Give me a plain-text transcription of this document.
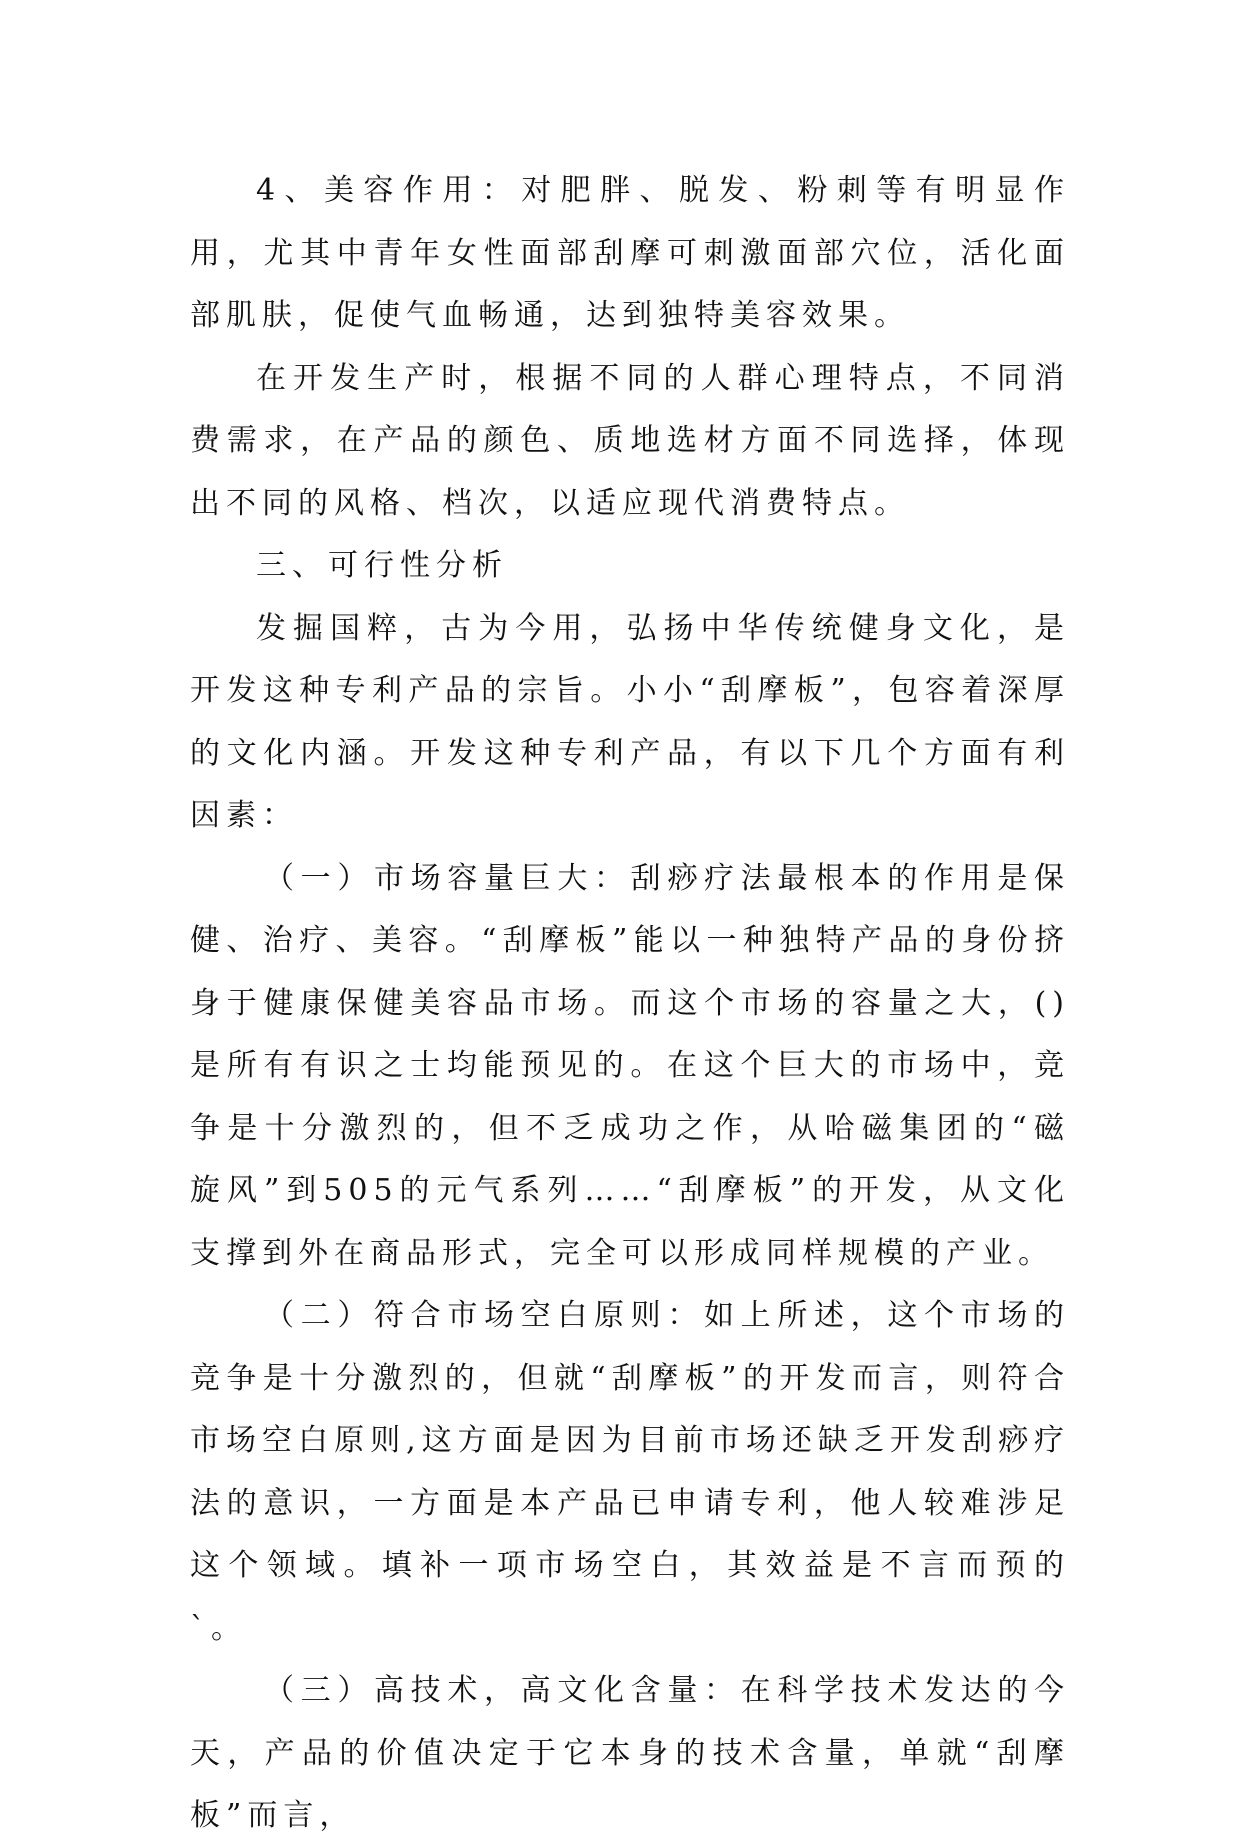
4、美容作用：对肥胖、脱发、粉刺等有明显作用，尤其中青年女性面部刮摩可刺激面部穴位，活化面部肌肤，促使气血畅通，达到独特美容效果。

在开发生产时，根据不同的人群心理特点，不同消费需求，在产品的颜色、质地选材方面不同选择，体现出不同的风格、档次，以适应现代消费特点。

三、可行性分析

发掘国粹，古为今用，弘扬中华传统健身文化，是开发这种专利产品的宗旨。小小“刮摩板”，包容着深厚的文化内涵。开发这种专利产品，有以下几个方面有利因素：

（一）市场容量巨大：刮痧疗法最根本的作用是保健、治疗、美容。“刮摩板”能以一种独特产品的身份挤身于健康保健美容品市场。而这个市场的容量之大，()是所有有识之士均能预见的。在这个巨大的市场中，竞争是十分激烈的，但不乏成功之作，从哈磁集团的“磁旋风”到505的元气系列……“刮摩板”的开发，从文化支撑到外在商品形式，完全可以形成同样规模的产业。

（二）符合市场空白原则：如上所述，这个市场的竞争是十分激烈的，但就“刮摩板”的开发而言，则符合市场空白原则,这方面是因为目前市场还缺乏开发刮痧疗法的意识，一方面是本产品已申请专利，他人较难涉足这个领域。填补一项市场空白，其效益是不言而预的`。

（三）高技术，高文化含量：在科学技术发达的今天，产品的价值决定于它本身的技术含量，单就“刮摩板”而言，
